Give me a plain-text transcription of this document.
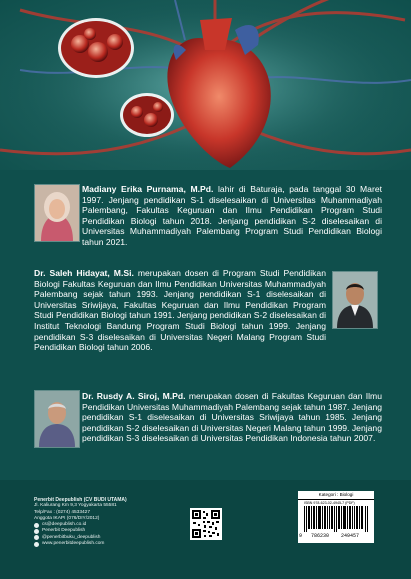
Madiany Erika Purnama, M.Pd. lahir di Baturaja, pada tanggal 30 Maret 1997. Jenjang pendidikan S-1 diselesaikan di Universitas Muhammadiyah Palembang, Fakultas Keguruan dan Ilmu Pendidikan Program Studi Pendidikan Biologi tahun 2018. Jenjang pendidikan S-2 diselesaikan di Universitas Muhammadiyah Palembang Program Studi Pendidikan Biologi tahun 2021.
Dr. Saleh Hidayat, M.Si. merupakan dosen di Program Studi Pendidikan Biologi Fakultas Keguruan dan Ilmu Pendidikan Universitas Muhammadiyah Palembang sejak tahun 1993. Jenjang pendidikan S-1 diselesaikan di Universitas Sriwijaya, Fakultas Keguruan dan Ilmu Pendidikan Program Studi Pendidikan Biologi tahun 1991. Jenjang pendidikan S-2 diselesaikan di Institut Teknologi Bandung Program Studi Biologi tahun 1999. Jenjang pendidikan S-3 diselesaikan di Universitas Negeri Malang Program Studi Pendidikan Biologi tahun 2006.
Dr. Rusdy A. Siroj, M.Pd. merupakan dosen di Fakultas Keguruan dan Ilmu Pendidikan Universitas Muhammadiyah Palembang sejak tahun 1987. Jenjang pendidikan S-1 diselesaikan di Universitas Sriwijaya tahun 1985. Jenjang pendidikan S-2 diselesaikan di Universitas Negeri Malang tahun 1999. Jenjang pendidikan S-3 diselesaikan di Universitas Pendidikan Indonesia tahun 2007.
Penerbit Deepublish (CV BUDI UTAMA)
Jl. Kaliurang Km 9,3 Yogyakarta 55581
Telp/Fax : (0274) 4533427
Anggota IKAPI (076/DIY/2012)
cs@deepublish.co.id
Penerbit Deepublish
@penerbitbuku_deepublish
www.penerbitdeepublish.com
Kategori : Biologi
ISBN 978-623-02-4945-7 (PDF)
9 786230 249457
